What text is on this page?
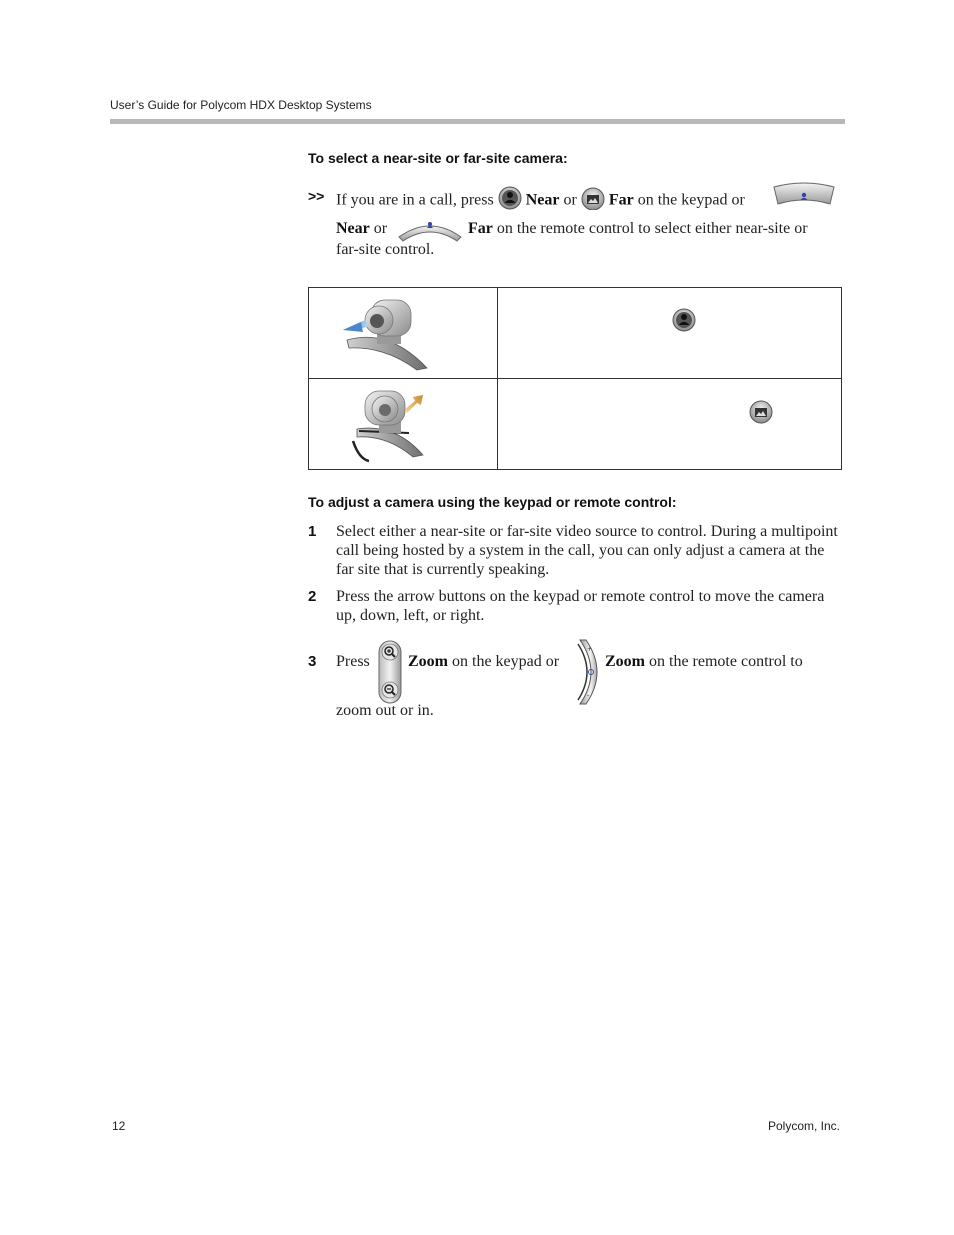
User’s Guide for Polycom HDX Desktop Systems
To select a near-site or far-site camera:
>> If you are in a call, press Near or Far on the keypad or
Near or	Far on the remote control to select either near-site or
far-site control.

To adjust a camera using the keypad or remote control:
1 Select either a near-site or far-site video source to control. During a multipoint call being hosted by a system in the call, you can only adjust a camera at the far site that is currently speaking.
2 Press the arrow buttons on the keypad or remote control to move the camera up, down, left, or right.
3 Press Zoom on the keypad or
+
-
Zoom on the remote control to
zoom out or in.
12	Polycom, Inc.
